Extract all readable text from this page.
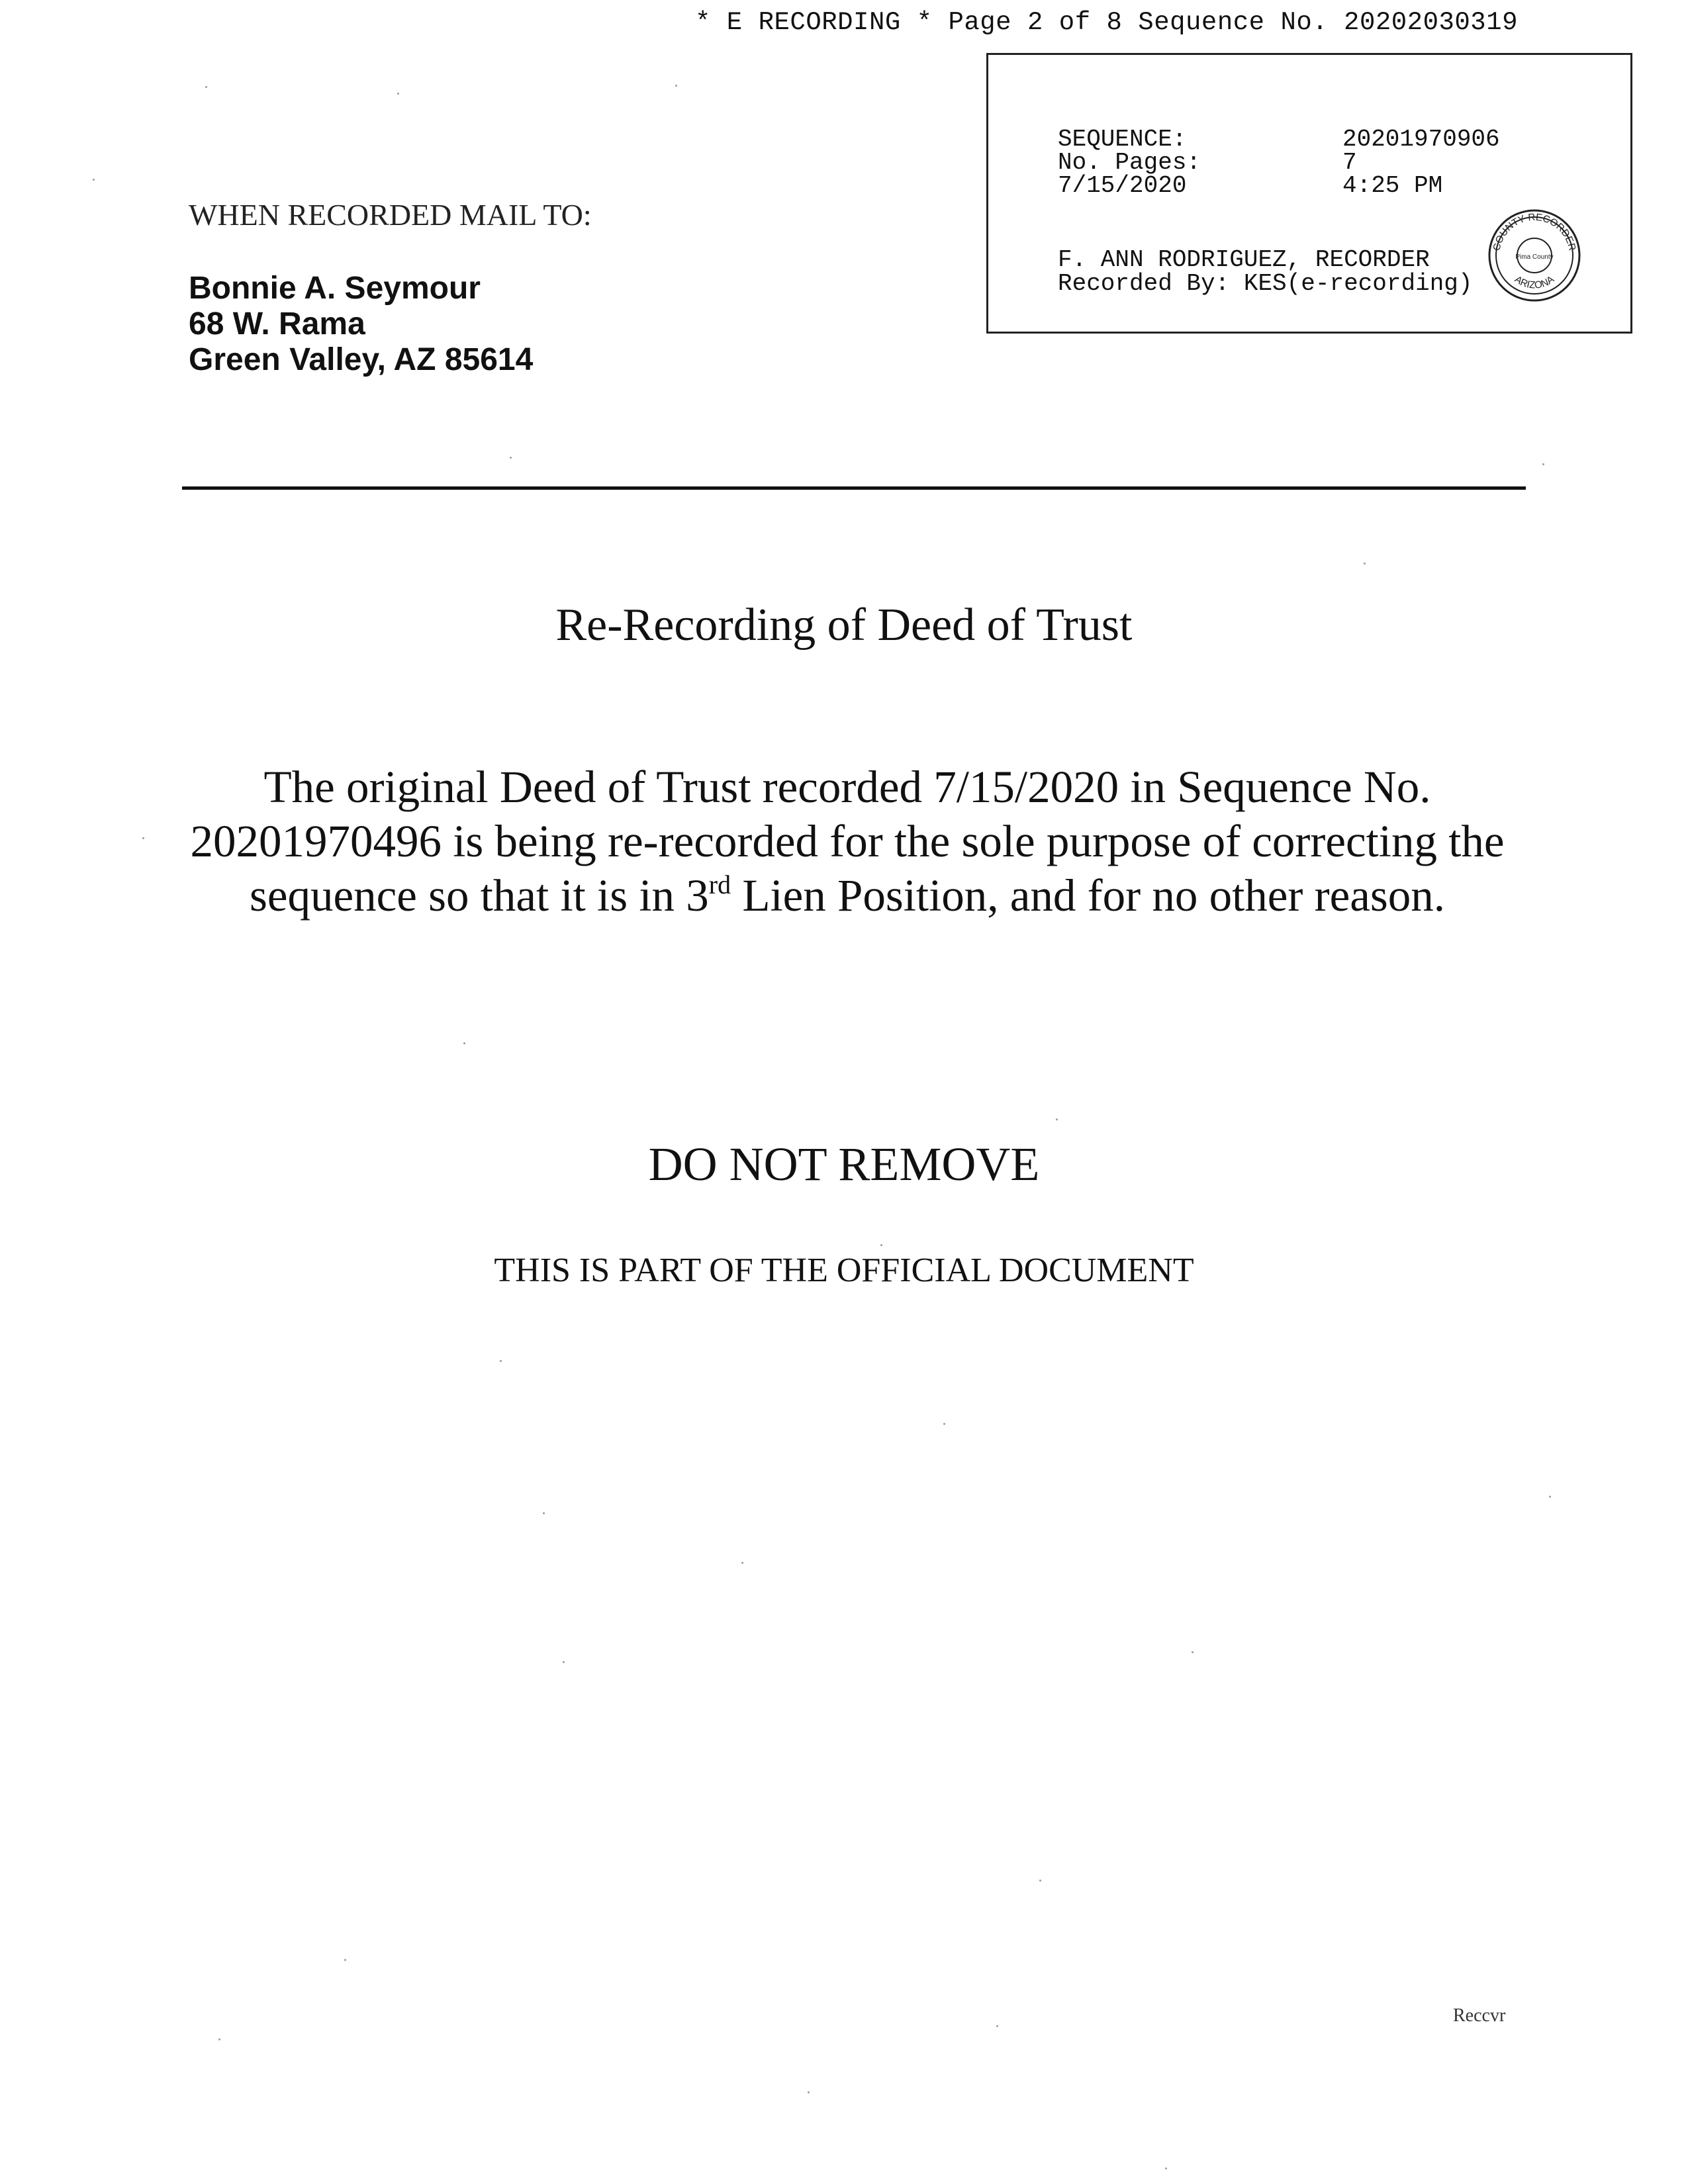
* E RECORDING * Page 2 of 8 Sequence No. 20202030319
SEQUENCE:	20201970906
No. Pages:	7
7/15/2020	4:25 PM
F. ANN RODRIGUEZ, RECORDER
Recorded By: KES(e-recording)
COUNTY RECORDER
ARIZONA
Pima County
WHEN RECORDED MAIL TO:
Bonnie A. Seymour
68 W. Rama
Green Valley, AZ 85614
Re-Recording of Deed of Trust
The original Deed of Trust recorded 7/15/2020 in Sequence No. 20201970496 is being re-recorded for the sole purpose of correcting the sequence so that it is in 3rd Lien Position, and for no other reason.
DO NOT REMOVE
THIS IS PART OF THE OFFICIAL DOCUMENT
Reccvr
